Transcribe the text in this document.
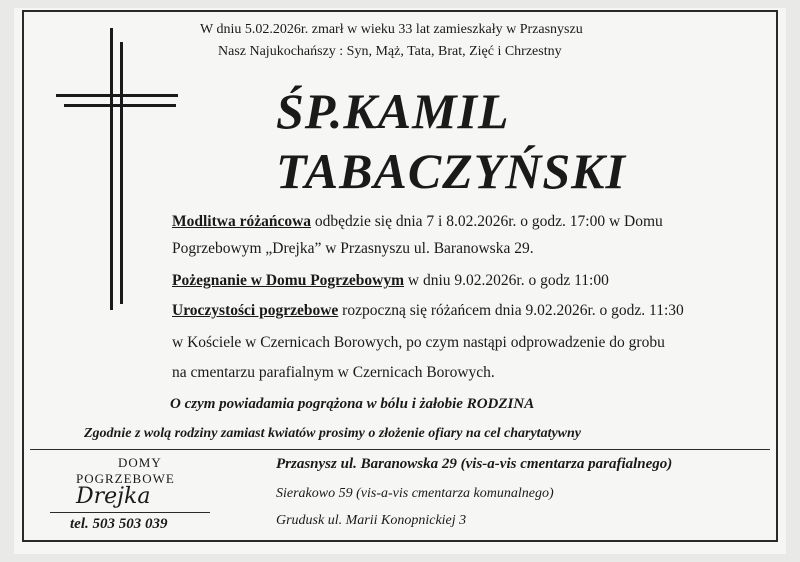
W dniu 5.02.2026r. zmarł w wieku 33 lat zamieszkały w Przasnyszu
Nasz Najukochańszy : Syn, Mąż, Tata, Brat, Zięć i Chrzestny
ŚP.KAMIL
TABACZYŃSKI
Modlitwa różańcowa odbędzie się dnia 7 i 8.02.2026r. o godz. 17:00 w Domu
Pogrzebowym „Drejka” w Przasnyszu ul. Baranowska 29.
Pożegnanie w Domu Pogrzebowym w dniu 9.02.2026r. o godz 11:00
Uroczystości pogrzebowe rozpoczną się różańcem dnia 9.02.2026r. o godz. 11:30
w Kościele w Czernicach Borowych, po czym nastąpi odprowadzenie do grobu
na cmentarzu parafialnym w Czernicach Borowych.
O czym powiadamia pogrążona w bólu i żałobie RODZINA
Zgodnie z wolą rodziny zamiast kwiatów prosimy o złożenie ofiary na cel charytatywny
DOMY
POGRZEBOWE
Drejka
tel. 503 503 039
Przasnysz ul. Baranowska 29 (vis-a-vis cmentarza parafialnego)
Sierakowo 59 (vis-a-vis cmentarza komunalnego)
Grudusk ul. Marii Konopnickiej 3
